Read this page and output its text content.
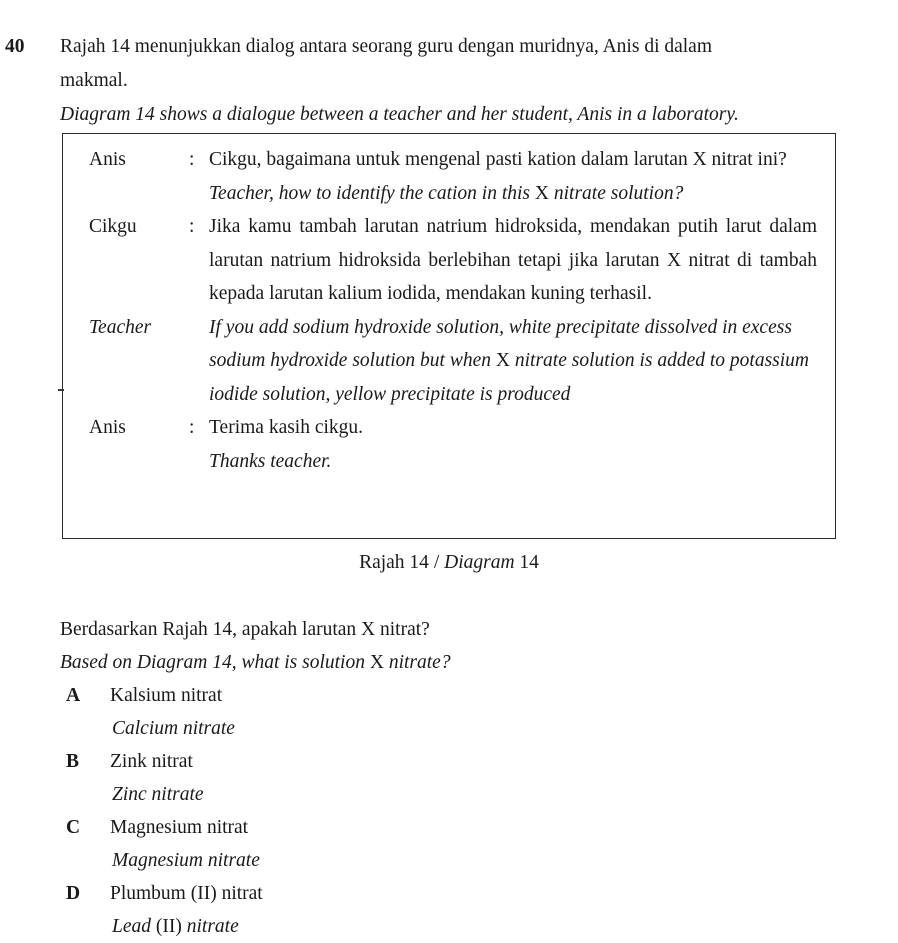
40	Rajah 14 menunjukkan dialog antara seorang guru dengan muridnya, Anis di dalam
makmal.
Diagram 14 shows a dialogue between a teacher and her student, Anis in a laboratory.
Anis	: Cikgu, bagaimana untuk mengenal pasti kation dalam larutan X nitrat ini?
Teacher, how to identify the cation in this X nitrate solution?
Cikgu	: Jika kamu tambah larutan natrium hidroksida, mendakan putih larut dalam larutan natrium hidroksida berlebihan tetapi jika larutan X nitrat di tambah kepada larutan kalium iodida, mendakan kuning terhasil.
Teacher	If you add sodium hydroxide solution, white precipitate dissolved in excess sodium hydroxide solution but when X nitrate solution is added to potassium iodide solution, yellow precipitate is produced
Anis	: Terima kasih cikgu.
Thanks teacher.
Rajah 14 / Diagram 14
Berdasarkan Rajah 14, apakah larutan X nitrat?
Based on Diagram 14, what is solution X nitrate?
A	Kalsium nitrat
Calcium nitrate
B	Zink nitrat
Zinc nitrate
C	Magnesium nitrat
Magnesium nitrate
D	Plumbum (II) nitrat
Lead (II) nitrate
